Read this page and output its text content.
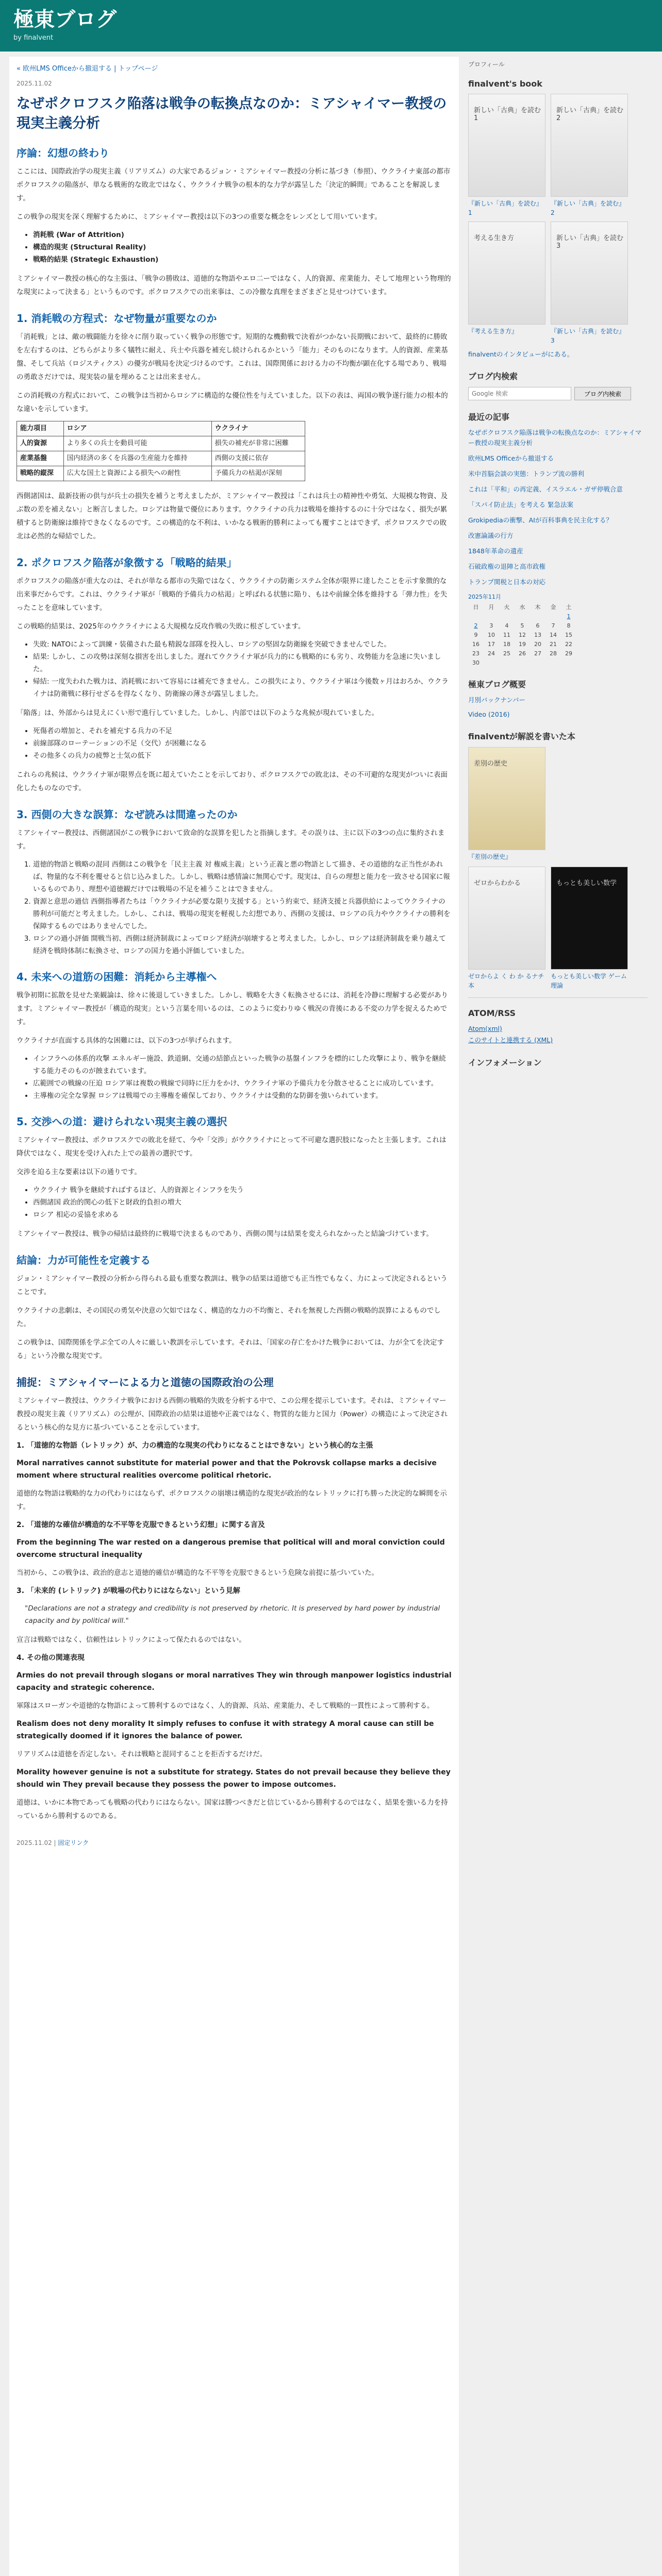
極東ブログ
by finalvent
« 欧州LMS Officeから撤退する | トップページ
2025.11.02
なぜポクロフスク陥落は戦争の転換点なのか：ミアシャイマー教授の現実主義分析
序論：幻想の終わり

ここには、国際政治学の現実主義（リアリズム）の大家であるジョン・ミアシャイマー教授の分析に基づき（参照）、ウクライナ東部の都市ポクロフスクの陥落が、単なる戦術的な敗北ではなく、ウクライナ戦争の根本的な力学が露呈した「決定的瞬間」であることを解説します。

この戦争の現実を深く理解するために、ミアシャイマー教授は以下の3つの重要な概念をレンズとして用いています。

• 消耗戦 (War of Attrition)
• 構造的現実 (Structural Reality)
• 戦略的結果 (Strategic Exhaustion)

ミアシャイマー教授の核心的な主張は、「戦争の勝敗は、道徳的な物語やエロ二ーではなく、人的資源、産業能力、そして地理という物理的な現実によって決まる」というものです。ポクロフスクでの出来事は、この冷徹な真理をまざまざと見せつけています。

1. 消耗戦の方程式：なぜ物量が重要なのか

「消耗戦」とは、敵の戦闘能力を徐々に削り取っていく戦争の形態です。短期的な機動戦で決着がつかない長期戦において、最終的に勝敗を左右するのは、どちらがより多く犠牲に耐え、兵士や兵器を補充し続けられるかという「能力」そのものになります。人的資源、産業基盤、そして兵站（ロジスティクス）の優劣が戦局を決定づけるのです。これは、国際関係における力の不均衡が顕在化する場であり、戦場の勇敢さだけでは、現実装の量を埋めることは出来ません。

この消耗戦の方程式において、この戦争は当初からロシアに構造的な優位性を与えていました。以下の表は、両国の戦争遂行能力の根本的な違いを示しています。

能力項目	ロシア	ウクライナ
人的資源	より多くの兵士を動員可能	損失の補充が非常に困難
産業基盤	国内経済の多くを兵器の生産能力を維持	西側の支援に依存
戦略的縦深	広大な国土と資源による損失への耐性	予備兵力の枯渇が深刻

西側諸国は、最新技術の供与が兵士の損失を補うと考えましたが、ミアシャイマー教授は「これは兵士の精神性や勇気、大規模な物資、及ぶ数の差を補えない」と断言しました。ロシアは物量で優位にあります。ウクライナの兵力は戦場を維持するのに十分ではなく、損失が累積すると防衛線は維持できなくなるのです。この構造的な不利は、いかなる戦術的勝利によっても覆すことはできず、ポクロフスクでの敗北は必然的な帰結でした。

2. ポクロフスク陥落が象徴する「戦略的結果」

ポクロフスクの陥落が重大なのは、それが単なる都市の失陥ではなく、ウクライナの防衛システム全体が限界に達したことを示す象徴的な出来事だからです。これは、ウクライナ軍が「戦略的予備兵力の枯渇」と呼ばれる状態に陥り、もはや前線全体を維持する「弾力性」を失ったことを意味しています。

この戦略的結果は、2025年のウクライナによる大規模な反攻作戦の失敗に根ざしています。

• 失敗: NATOによって訓練・装備された最も精鋭な部隊を投入し、ロシアの堅固な防衛線を突破できませんでした。
• 結果: しかし、この攻勢は深刻な損害を出しました。遅れてウクライナ軍が兵力的にも戦略的にも劣り、攻勢能力を急速に失いました。
• 帰結: 一度失われた戦力は、消耗戦において容易には補充できません。この損失により、ウクライナ軍は今後数ヶ月はおろか、ウクライナは防衛戦に移行せざるを得なくなり、防衛線の薄さが露呈しました。

「陥落」は、外部からは見えにくい形で進行していました。しかし、内部では以下のような兆候が現れていました。

• 死傷者の増加と、それを補充する兵力の不足
• 前線部隊のローテーションの不足（交代）が困難になる
• その他多くの兵力の疲弊と士気の低下

これらの兆候は、ウクライナ軍が限界点を既に超えていたことを示しており、ポクロフスクでの敗北は、その不可避的な現実がついに表面化したものなのです。

3. 西側の大きな誤算：なぜ読みは間違ったのか

ミアシャイマー教授は、西側諸国がこの戦争において致命的な誤算を犯したと指摘します。その誤りは、主に以下の3つの点に集約されます。

1. 道徳的物語と戦略の混同 西側はこの戦争を「民主主義 対 権威主義」という正義と悪の物語として描き、その道徳的な正当性があれば、物量的な不利を覆せると信じ込みました。しかし、戦略は感情論に無関心です。現実は、自らの理想と能力を一致させる国家に報いるものであり、理想や道徳観だけでは戦場の不足を補うことはできません。
2. 資源と意思の過信 西側指導者たちは「ウクライナが必要な限り支援する」という約束で、経済支援と兵器供給によってウクライナの勝利が可能だと考えました。しかし、これは、戦場の現実を軽視した幻想であり、西側の支援は、ロシアの兵力やウクライナの勝利を保障するものではありませんでした。
3. ロシアの過小評価 開戦当初、西側は経済制裁によってロシア経済が崩壊すると考えました。しかし、ロシアは経済制裁を乗り越えて経済を戦時体制に転換させ、ロシアの国力を過小評価していました。
4. 未来への道筋の困難：消耗から主導権へ

戦争初期に拡散を見せた楽観論は、徐々に後退していきました。しかし、戦略を大きく転換させるには、消耗を冷静に理解する必要があります。ミアシャイマー教授が「構造的現実」という言葉を用いるのは、このように変わりゆく戦況の背後にある不変の力学を捉えるためです。

ウクライナが直面する具体的な困難には、以下の3つが挙げられます。

• インフラへの体系的攻撃 エネルギー施設、鉄道網、交通の結節点といった戦争の基盤インフラを標的にした攻撃により、戦争を継続する能力そのものが蝕まれています。
• 広範囲での戦線の圧迫 ロシア軍は複数の戦線で同時に圧力をかけ、ウクライナ軍の予備兵力を分散させることに成功しています。
• 主導権の完全な掌握 ロシアは戦場での主導権を確保しており、ウクライナは受動的な防御を強いられています。
5. 交渉への道：避けられない現実主義の選択

ミアシャイマー教授は、ポクロフスクでの敗北を経て、今や「交渉」がウクライナにとって不可避な選択肢になったと主張します。これは降伏ではなく、現実を受け入れた上での最善の選択です。

交渉を迫る主な要素は以下の通りです。

• ウクライナ 戦争を継続すればするほど、人的資源とインフラを失う
• 西側諸国 政治的関心の低下と財政的負担の増大
• ロシア 相応の妥協を求める

ミアシャイマー教授は、戦争の帰結は最終的に戦場で決まるものであり、西側の関与は結果を変えられなかったと結論づけています。

結論：力が可能性を定義する

ジョン・ミアシャイマー教授の分析から得られる最も重要な教訓は、戦争の結果は道徳でも正当性でもなく、力によって決定されるということです。

ウクライナの悲劇は、その国民の勇気や決意の欠如ではなく、構造的な力の不均衡と、それを無視した西側の戦略的誤算によるものでした。

この戦争は、国際関係を学ぶ全ての人々に厳しい教訓を示しています。それは、「国家の存亡をかけた戦争においては、力が全てを決定する」という冷徹な現実です。

捕捉：ミアシャイマーによる力と道徳の国際政治の公理

ミアシャイマー教授は、ウクライナ戦争における西側の戦略的失敗を分析する中で、この公理を提示しています。それは、ミアシャイマー教授の現実主義（リアリズム）の公理が、国際政治の結果は道徳や正義ではなく、物質的な能力と国力（Power）の構造によって決定されるという核心的な見方に基づいていることを示しています。

1. 「道徳的な物語（レトリック）が、力の構造的な現実の代わりになることはできない」という核心的な主張

Moral narratives cannot substitute for material power and that the Pokrovsk collapse marks a decisive moment where structural realities overcome political rhetoric.

道徳的な物語は戦略的な力の代わりにはならず、ポクロフスクの崩壊は構造的な現実が政治的なレトリックに打ち勝った決定的な瞬間を示す。

2. 「道徳的な確信が構造的な不平等を克服できるという幻想」に関する言及

From the beginning The war rested on a dangerous premise that political will and moral conviction could overcome structural inequality

当初から、この戦争は、政治的意志と道徳的確信が構造的な不平等を克服できるという危険な前提に基づいていた。

3. 「未来的 (レトリック) が戦場の代わりにはならない」という見解

"Declarations are not a strategy and credibility is not preserved by rhetoric. It is preserved by hard power by industrial capacity and by political will."

宣言は戦略ではなく、信頼性はレトリックによって保たれるのではない。

4. その他の関連表現

Armies do not prevail through slogans or moral narratives They win through manpower logistics industrial capacity and strategic coherence.

軍隊はスローガンや道徳的な物語によって勝利するのではなく、人的資源、兵站、産業能力、そして戦略的一貫性によって勝利する。

Realism does not deny morality It simply refuses to confuse it with strategy A moral cause can still be strategically doomed if it ignores the balance of power.

リアリズムは道徳を否定しない。それは戦略と混同することを拒否するだけだ。

Morality however genuine is not a substitute for strategy. States do not prevail because they believe they should win They prevail because they possess the power to impose outcomes.

道徳は、いかに本物であっても戦略の代わりにはならない。国家は勝つべきだと信じているから勝利するのではなく、結果を強いる力を持っているから勝利するのである。

2025.11.02 | 固定リンク
プロフィール
finalvent's book
新しい「古典」を読む 1
『新しい「古典」を読む』1
新しい「古典」を読む 2
『新しい「古典」を読む』2
考える生き方
『考える生き方』
新しい「古典」を読む 3
『新しい「古典」を読む』3
finalventのインタビューがにある。
ブログ内検索
Google 検索
ブログ内検索
最近の記事
なぜポクロフスク陥落は戦争の転換点なのか：ミアシャイマー教授の現実主義分析
欧州LMS Officeから撤退する
米中首脳会談の実態：トランプ流の勝利
これは「平和」の再定義、イスラエル・ガザ停戦合意
「スパイ防止法」を考える 緊急法案
Grokipediaの衝撃、AIが百科事典を民主化する？
改憲論議の行方
1848年革命の遺産
石破政権の退陣と高市政権
トランプ関税と日本の対応
2025年11月
日	月	火	水	木	金	土
						1
2	3	4	5	6	7	8
9	10	11	12	13	14	15
16	17	18	19	20	21	22
23	24	25	26	27	28	29
30						
極東ブログ概要
月別バックナンバー
Video (2016)
finalventが解説を書いた本
差別の歴史
『差別の歴史』
ゼロからわかる
ゼロからよ く わ か るナチ本
もっとも美しい数学
もっとも美しい数学 ゲーム理論
ATOM/RSS
Atom(xml)
このサイトと連携する (XML)
インフォメーション
